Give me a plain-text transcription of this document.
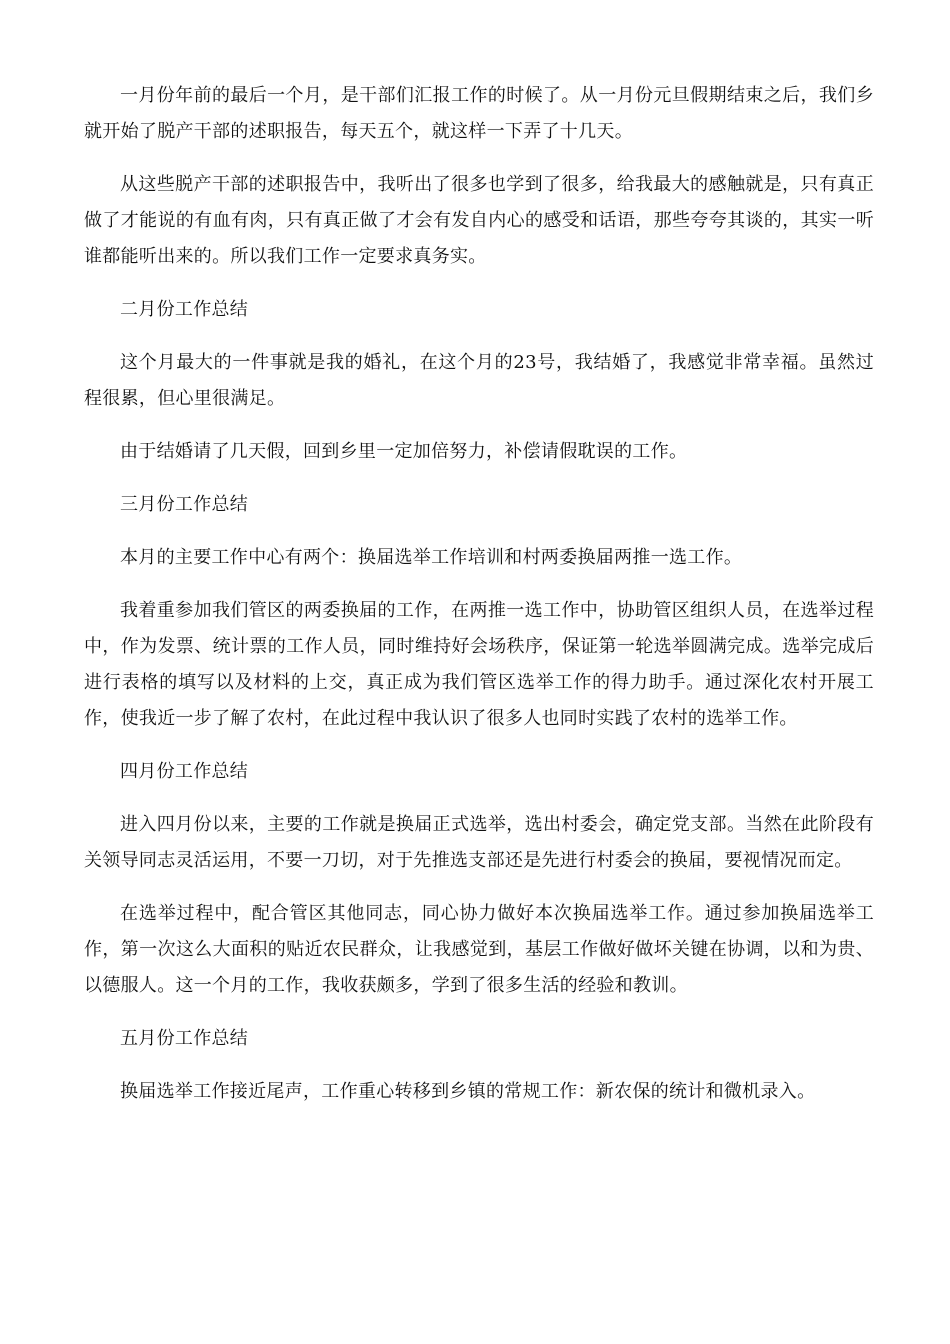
一月份年前的最后一个月，是干部们汇报工作的时候了。从一月份元旦假期结束之后，我们乡就开始了脱产干部的述职报告，每天五个，就这样一下弄了十几天。

从这些脱产干部的述职报告中，我听出了很多也学到了很多，给我最大的感触就是，只有真正做了才能说的有血有肉，只有真正做了才会有发自内心的感受和话语，那些夸夸其谈的，其实一听谁都能听出来的。所以我们工作一定要求真务实。

二月份工作总结

这个月最大的一件事就是我的婚礼，在这个月的23号，我结婚了，我感觉非常幸福。虽然过程很累，但心里很满足。

由于结婚请了几天假，回到乡里一定加倍努力，补偿请假耽误的工作。

三月份工作总结

本月的主要工作中心有两个：换届选举工作培训和村两委换届两推一选工作。

我着重参加我们管区的两委换届的工作，在两推一选工作中，协助管区组织人员，在选举过程中，作为发票、统计票的工作人员，同时维持好会场秩序，保证第一轮选举圆满完成。选举完成后进行表格的填写以及材料的上交，真正成为我们管区选举工作的得力助手。通过深化农村开展工作，使我近一步了解了农村，在此过程中我认识了很多人也同时实践了农村的选举工作。

四月份工作总结

进入四月份以来，主要的工作就是换届正式选举，选出村委会，确定党支部。当然在此阶段有关领导同志灵活运用，不要一刀切，对于先推选支部还是先进行村委会的换届，要视情况而定。

在选举过程中，配合管区其他同志，同心协力做好本次换届选举工作。通过参加换届选举工作，第一次这么大面积的贴近农民群众，让我感觉到，基层工作做好做坏关键在协调，以和为贵、以德服人。这一个月的工作，我收获颇多，学到了很多生活的经验和教训。

五月份工作总结

换届选举工作接近尾声，工作重心转移到乡镇的常规工作：新农保的统计和微机录入。
